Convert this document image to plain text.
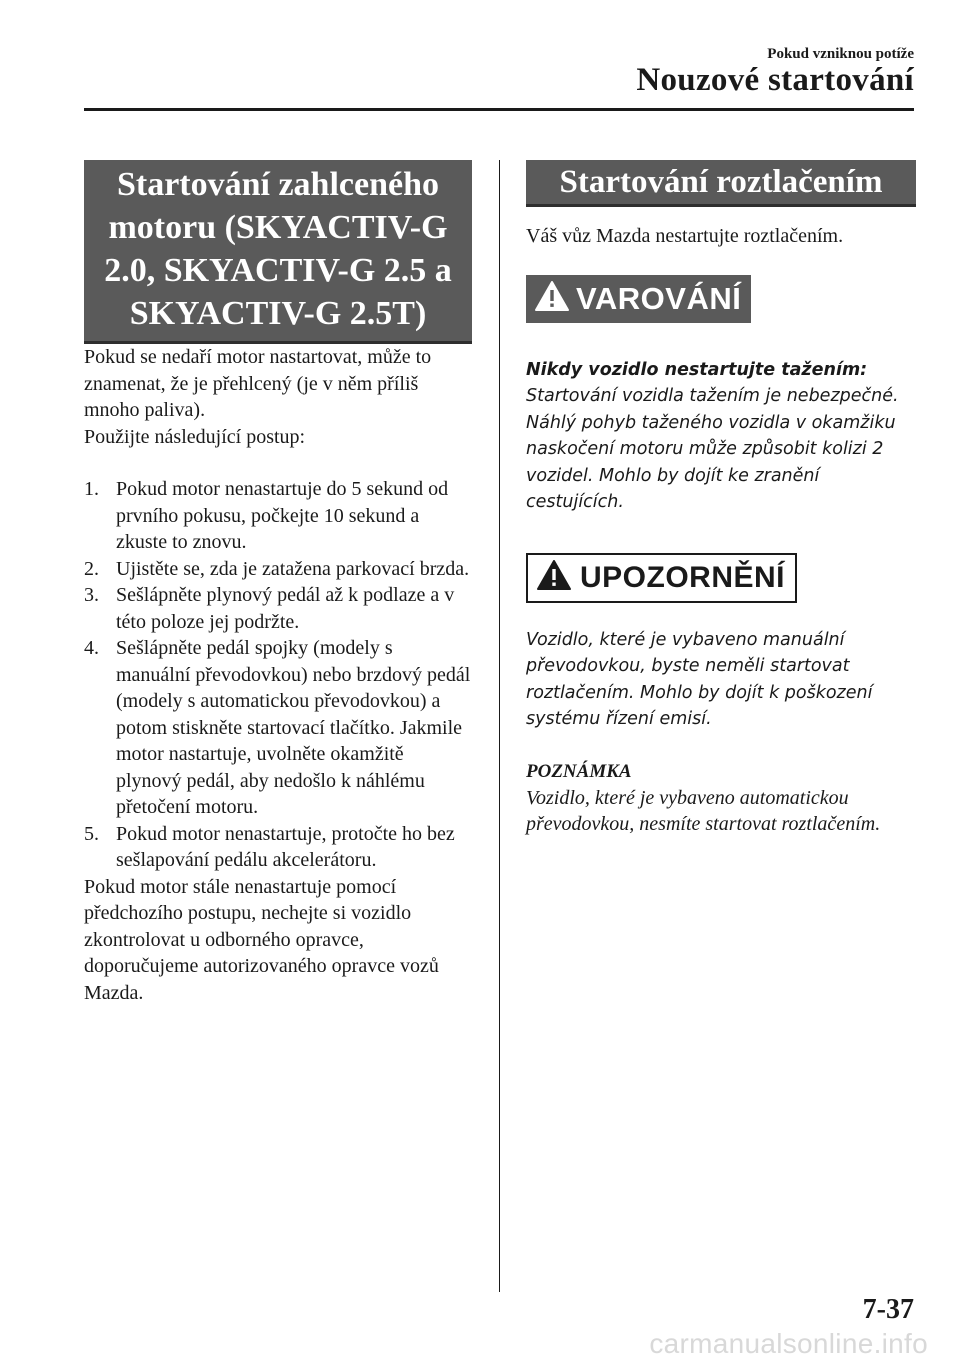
Pokud vzniknou potíže
Nouzové startování
Startování zahlceného motoru (SKYACTIV-G 2.0, SKYACTIV-G 2.5 a SKYACTIV-G 2.5T)

Pokud se nedaří motor nastartovat, může to znamenat, že je přehlcený (je v něm příliš mnoho paliva).

Použijte následující postup:

1. Pokud motor nenastartuje do 5 sekund od prvního pokusu, počkejte 10 sekund a zkuste to znovu.
2. Ujistěte se, zda je zatažena parkovací brzda.
3. Sešlápněte plynový pedál až k podlaze a v této poloze jej podržte.
4. Sešlápněte pedál spojky (modely s manuální převodovkou) nebo brzdový pedál (modely s automatickou převodovkou) a potom stiskněte startovací tlačítko. Jakmile motor nastartuje, uvolněte okamžitě plynový pedál, aby nedošlo k náhlému přetočení motoru.
5. Pokud motor nenastartuje, protočte ho bez sešlapování pedálu akcelerátoru.

Pokud motor stále nenastartuje pomocí předchozího postupu, nechejte si vozidlo zkontrolovat u odborného opravce, doporučujeme autorizovaného opravce vozů Mazda.

Startování roztlačením

Váš vůz Mazda nestartujte roztlačením.

VAROVÁNÍ

Nikdy vozidlo nestartujte tažením:

Startování vozidla tažením je nebezpečné. Náhlý pohyb taženého vozidla v okamžiku naskočení motoru může způsobit kolizi 2 vozidel. Mohlo by dojít ke zranění cestujících.

UPOZORNĚNÍ

Vozidlo, které je vybaveno manuální převodovkou, byste neměli startovat roztlačením. Mohlo by dojít k poškození systému řízení emisí.

POZNÁMKA

Vozidlo, které je vybaveno automatickou převodovkou, nesmíte startovat roztlačením.

7-37
carmanualsonline.info
